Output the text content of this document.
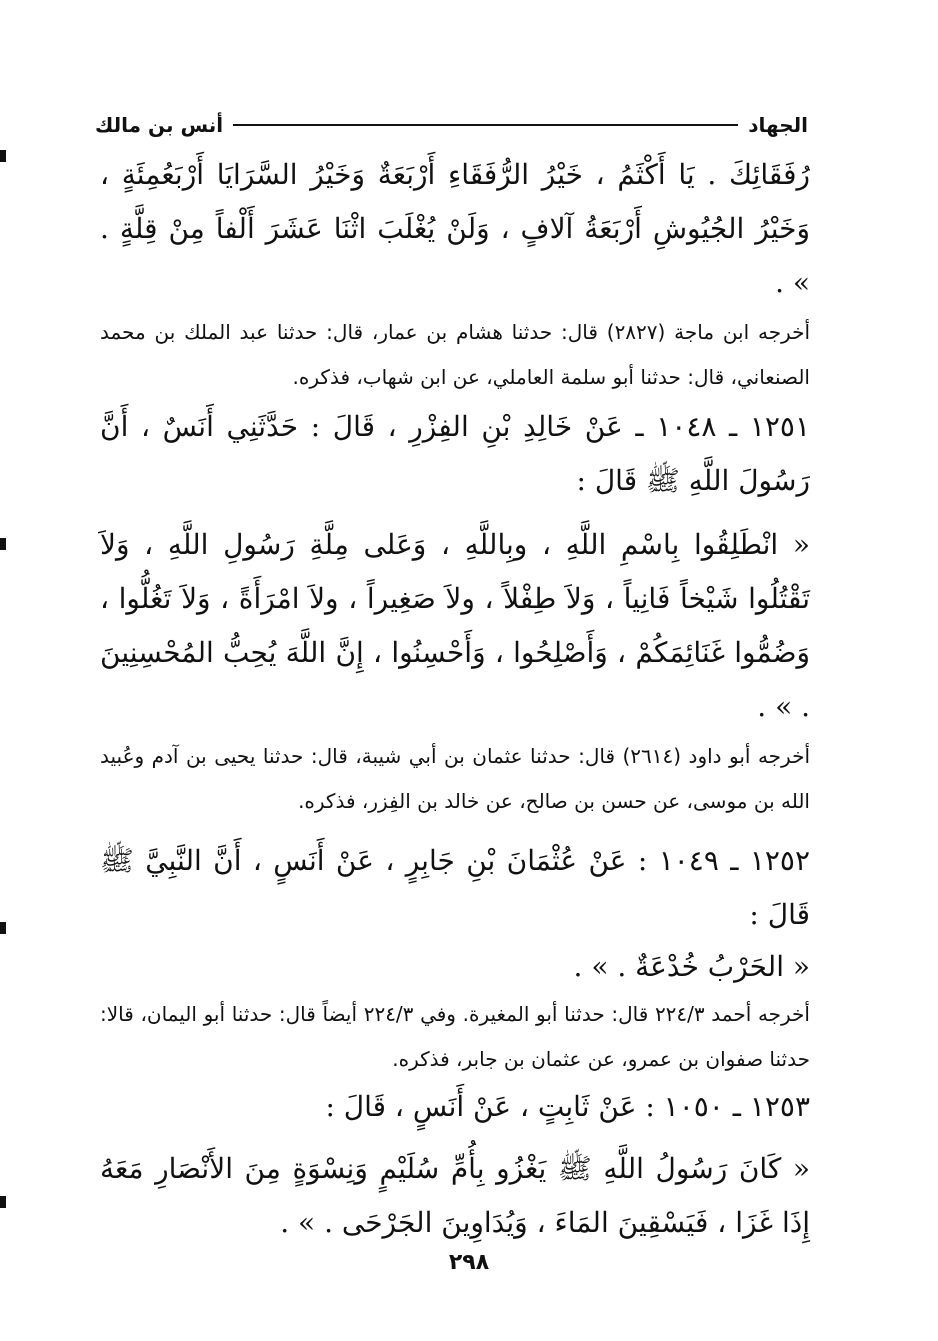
الجهاد
أنس بن مالك

رُفَقَائِكَ . يَا أَكْثَمُ ، خَيْرُ الرُّفَقَاءِ أَرْبَعَةٌ وَخَيْرُ السَّرَايَا أَرْبَعُمِئَةٍ ، وَخَيْرُ الجُيُوشِ أَرْبَعَةُ آلافٍ ، وَلَنْ يُغْلَبَ اثْنَا عَشَرَ أَلْفاً مِنْ قِلَّةٍ . » .

أخرجه ابن ماجة (٢٨٢٧) قال: حدثنا هشام بن عمار، قال: حدثنا عبد الملك بن محمد الصنعاني، قال: حدثنا أبو سلمة العاملي، عن ابن شهاب، فذكره.

١٢٥١ ـ ١٠٤٨ ـ عَنْ خَالِدِ بْنِ الفِزْرِ ، قَالَ : حَدَّثَنِي أَنَسٌ ، أَنَّ رَسُولَ اللَّهِ ﷺ قَالَ :

« انْطَلِقُوا بِاسْمِ اللَّهِ ، وبِاللَّهِ ، وَعَلى مِلَّةِ رَسُولِ اللَّهِ ، وَلاَ تَقْتُلُوا شَيْخاً فَانِياً ، وَلاَ طِفْلاً ، ولاَ صَغِيراً ، ولاَ امْرَأَةً ، وَلاَ تَغُلُّوا ، وَضُمُّوا غَنَائِمَكُمْ ، وَأَصْلِحُوا ، وَأَحْسِنُوا ، إِنَّ اللَّهَ يُحِبُّ المُحْسِنِينَ . » .

أخرجه أبو داود (٢٦١٤) قال: حدثنا عثمان بن أبي شيبة، قال: حدثنا يحيى بن آدم وعُبيد الله بن موسى، عن حسن بن صالح، عن خالد بن الفِزر، فذكره.

١٢٥٢ ـ ١٠٤٩ : عَنْ عُثْمَانَ بْنِ جَابِرٍ ، عَنْ أَنَسٍ ، أَنَّ النَّبِيَّ ﷺ قَالَ :

« الحَرْبُ خُدْعَةٌ . » .

أخرجه أحمد ٢٢٤/٣ قال: حدثنا أبو المغيرة. وفي ٢٢٤/٣ أيضاً قال: حدثنا أبو اليمان، قالا: حدثنا صفوان بن عمرو، عن عثمان بن جابر، فذكره.

١٢٥٣ ـ ١٠٥٠ : عَنْ ثَابِتٍ ، عَنْ أَنَسٍ ، قَالَ :

« كَانَ رَسُولُ اللَّهِ ﷺ يَغْزُو بِأُمِّ سُلَيْمٍ وَنِسْوَةٍ مِنَ الأَنْصَارِ مَعَهُ إِذَا غَزَا ، فَيَسْقِينَ المَاءَ ، وَيُدَاوِينَ الجَرْحَى . » .

٢٩٨
